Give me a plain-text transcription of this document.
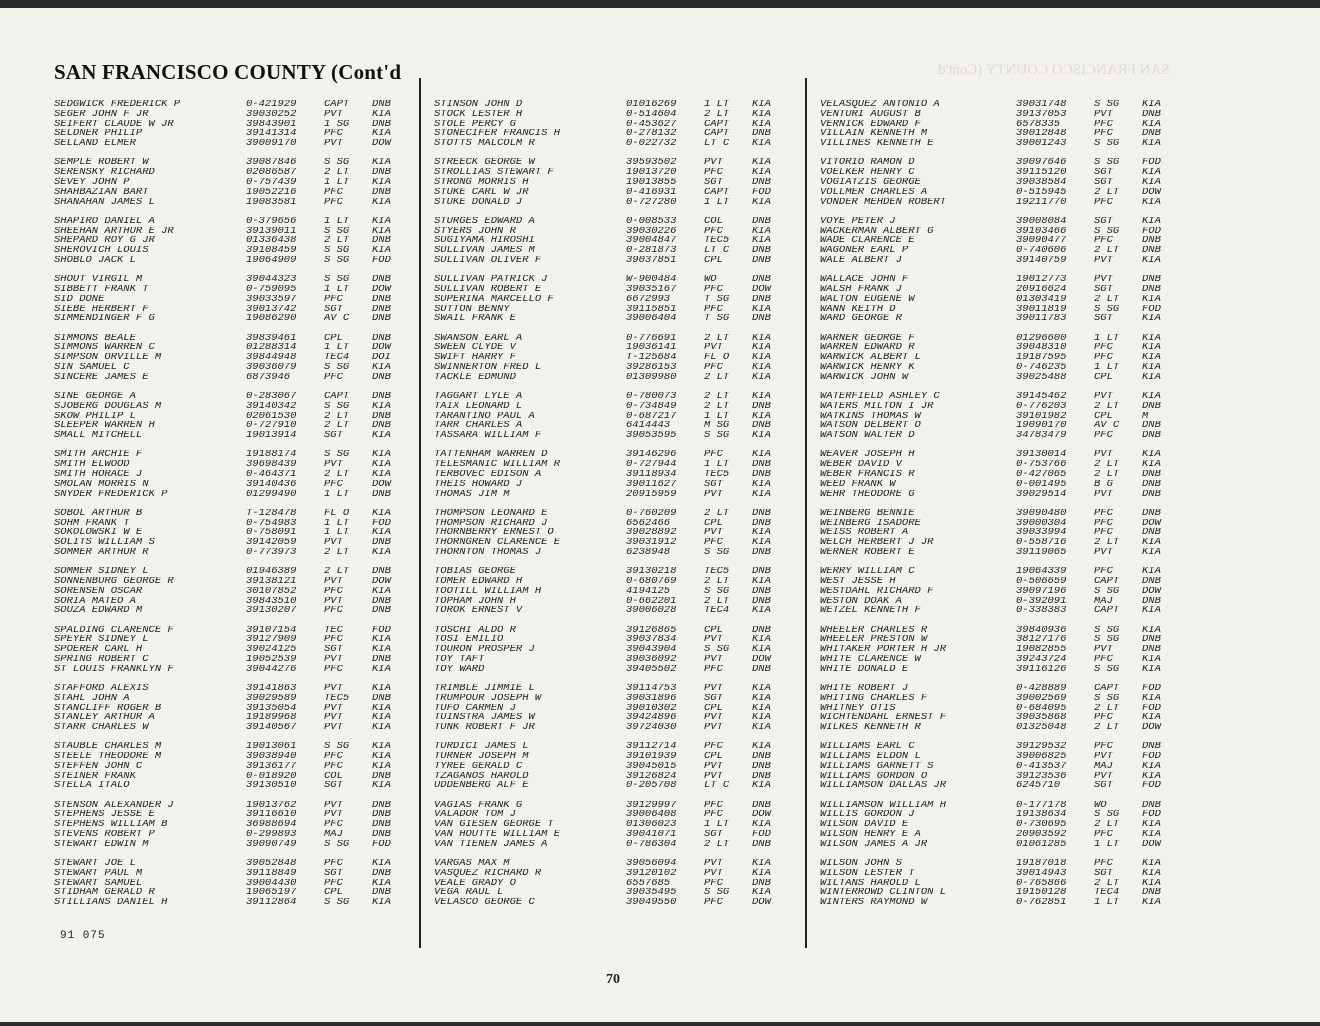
SAN FRANCISCO COUNTY (Cont'd	SAN FRANCISCO COUNTY (Cont'd
SEDGWICK FREDERICK P	0-421929	CAPT	DNB
SEGER JOHN F JR	39030252	PVT	KIA
SEIFERT CLAUDE W JR	39843901	1 SG	DNB
SELDNER PHILIP	39141314	PFC	KIA
SELLAND ELMER	39009170	PVT	DOW
SEMPLE ROBERT W	39087846	S SG	KIA
SERENSKY RICHARD	02086587	2 LT	DNB
SEVEY JOHN P	0-757439	1 LT	KIA
SHAHBAZIAN BART	19052216	PFC	DNB
SHANAHAN JAMES L	19083581	PFC	KIA
SHAPIRO DANIEL A	0-379656	1 LT	KIA
SHEEHAN ARTHUR E JR	39139011	S SG	KIA
SHEPARD ROY G JR	01336438	2 LT	DNB
SHEROVICH LOUIS	39108459	S SG	KIA
SHOBLO JACK L	19064909	S SG	FOD
SHOUT VIRGIL M	39044323	S SG	DNB
SIBBETT FRANK T	0-759095	1 LT	DOW
SID DONE	39033597	PFC	DNB
SIEBE HERBERT F	39013742	SGT	DNB
SIMMENDINGER F G	19086290	AV C	DNB
SIMMONS BEALE	39839461	CPL	DNB
SIMMONS WARREN C	01288314	1 LT	DOW
SIMPSON ORVILLE M	39844948	TEC4	DOI
SIN SAMUEL C	39036079	S SG	KIA
SINCERE JAMES E	6873946	PFC	DNB
SINE GEORGE A	0-283067	CAPT	DNB
SJOBERG DOUGLAS M	39140342	S SG	KIA
SKOW PHILIP L	02061530	2 LT	DNB
SLEEPER WARREN H	0-727910	2 LT	DNB
SMALL MITCHELL	19013914	SGT	KIA
SMITH ARCHIE F	19188174	S SG	KIA
SMITH ELWOOD	39698439	PVT	KIA
SMITH HORACE J	0-464371	2 LT	KIA
SMOLAN MORRIS N	39140436	PFC	DOW
SNYDER FREDERICK P	01299490	1 LT	DNB
SOBOL ARTHUR B	T-128478	FL O	KIA
SOHM FRANK T	0-754983	1 LT	FOD
SOKOLOWSKI W E	0-758091	1 LT	KIA
SOLITS WILLIAM S	39142059	PVT	DNB
SOMMER ARTHUR R	0-773973	2 LT	KIA
SOMMER SIDNEY L	01946389	2 LT	DNB
SONNENBURG GEORGE R	39138121	PVT	DOW
SORENSEN OSCAR	30107852	PFC	KIA
SORIA MATEO A	39843510	PVT	DNB
SOUZA EDWARD M	39130207	PFC	DNB
SPALDING CLARENCE F	39107154	TEC	FOD
SPEYER SIDNEY L	39127909	PFC	KIA
SPOERER CARL H	39024125	SGT	KIA
SPRING ROBERT C	19052539	PVT	DNB
ST LOUIS FRANKLYN F	39044276	PFC	KIA
STAFFORD ALEXIS	39141863	PVT	KIA
STAHL JOHN A	39029589	TEC5	DNB
STANCLIFF ROGER B	39135054	PVT	KIA
STANLEY ARTHUR A	19189968	PVT	KIA
STARR CHARLES W	39140567	PVT	KIA
STAUBLE CHARLES M	19013061	S SG	KIA
STEELE THEODORE M	39038940	PFC	KIA
STEFFEN JOHN C	39136177	PFC	KIA
STEINER FRANK	0-018920	COL	DNB
STELLA ITALO	39130510	SGT	KIA
STENSON ALEXANDER J	19013762	PVT	DNB
STEPHENS JESSE E	39116610	PVT	DNB
STEPHENS WILLIAM B	36988694	PFC	DNB
STEVENS ROBERT P	0-299893	MAJ	DNB
STEWART EDWIN M	39090749	S SG	FOD
STEWART JOE L	39052848	PFC	KIA
STEWART PAUL M	39118849	SGT	DNB
STEWART SAMUEL	39004430	PFC	KIA
STIDHAM GERALD R	19065197	CPL	DNB
STILLIANS DANIEL H	39112864	S SG	KIA
STINSON JOHN D	01016269	1 LT	KIA
STOCK LESTER H	0-514604	2 LT	KIA
STOLE PERCY G	0-453627	CAPT	KIA
STONECIFER FRANCIS H	0-278132	CAPT	DNB
STOTTS MALCOLM R	0-022732	LT C	KIA
STREECK GEORGE W	39593502	PVT	KIA
STROLLIAS STEWART F	19013720	PFC	KIA
STRONG MORRIS H	19013855	SGT	DNB
STUKE CARL W JR	0-416931	CAPT	FOD
STUKE DONALD J	0-727280	1 LT	KIA
STURGES EDWARD A	0-008533	COL	DNB
STYERS JOHN R	39030226	PFC	KIA
SUGIYAMA HIROSHI	39004847	TEC5	KIA
SULLIVAN JAMES M	0-281873	LT C	DNB
SULLIVAN OLIVER F	39037851	CPL	DNB
SULLIVAN PATRICK J	W-900484	WO	DNB
SULLIVAN ROBERT E	39035167	PFC	DOW
SUPERINA MARCELLO F	6672993	T SG	DNB
SUTTON BENNY	39115851	PFC	KIA
SWAIL FRANK E	39006404	T SG	DNB
SWANSON EARL A	0-776691	2 LT	KIA
SWEEN CLYDE V	19036141	PVT	KIA
SWIFT HARRY F	T-125684	FL O	KIA
SWINNERTON FRED L	39286153	PFC	KIA
TACKLE EDMUND	01309980	2 LT	KIA
TAGGART LYLE A	0-780073	2 LT	KIA
TAIX LEONARD L	0-734849	2 LT	DNB
TARANTINO PAUL A	0-687217	1 LT	KIA
TARR CHARLES A	6414443	M SG	DNB
TASSARA WILLIAM F	39053595	S SG	KIA
TATTENHAM WARREN D	39146296	PFC	KIA
TELESMANIC WILLIAM R	0-727944	1 LT	DNB
TERBOVEC EDISON A	39118934	TEC5	DNB
THEIS HOWARD J	39011627	SGT	KIA
THOMAS JIM M	20915959	PVT	KIA
THOMPSON LEONARD E	0-760209	2 LT	DNB
THOMPSON RICHARD J	6562466	CPL	DNB
THORNBERRY ERNEST O	39028892	PVT	KIA
THORNGREN CLARENCE E	39031912	PFC	KIA
THORNTON THOMAS J	6238948	S SG	DNB
TOBIAS GEORGE	39130218	TEC5	DNB
TOMER EDWARD H	0-680769	2 LT	KIA
TOOTILL WILLIAM H	4194125	S SG	DNB
TOPHAM JOHN H	0-662201	2 LT	DNB
TOROK ERNEST V	39006028	TEC4	KIA
TOSCHI ALDO R	39126865	CPL	DNB
TOSI EMILIO	39037834	PVT	KIA
TOURON PROSPER J	39043904	S SG	KIA
TOY TAFT	39036092	PVT	DOW
TOY WARD	39405502	PFC	DNB
TRIMBLE JIMMIE L	39114753	PVT	KIA
TRUMPOUR JOSEPH W	39031896	SGT	KIA
TUFO CARMEN J	39010302	CPL	KIA
TUINSTRA JAMES W	39424896	PVT	KIA
TUNK ROBERT F JR	39724030	PVT	KIA
TURDICI JAMES L	39112714	PFC	KIA
TURNER JOSEPH M	39101939	CPL	DNB
TYREE GERALD C	39045015	PVT	DNB
TZAGANOS HAROLD	39126824	PVT	DNB
UDDENBERG ALF E	0-205708	LT C	KIA
VAGIAS FRANK G	39129997	PFC	DNB
VALADOR TOM J	39006408	PFC	DOW
VAN GIESEN GEORGE T	01306023	1 LT	KIA
VAN HOUTTE WILLIAM E	39041071	SGT	FOD
VAN TIENEN JAMES A	0-786304	2 LT	DNB
VARGAS MAX M	39056094	PVT	KIA
VASQUEZ RICHARD R	39120102	PVT	KIA
VEALE GRADY O	6557685	PFC	DNB
VEGA RAUL L	39035495	S SG	KIA
VELASCO GEORGE C	39049550	PFC	DOW
VELASQUEZ ANTONIO A	39031748	S SG	KIA
VENTURI AUGUST B	39137053	PVT	DNB
VERNICK EDWARD F	6578335	PFC	KIA
VILLAIN KENNETH M	39012848	PFC	DNB
VILLINES KENNETH E	39001243	S SG	KIA
VITORIO RAMON D	39097646	S SG	FOD
VOELKER HENRY C	39115120	SGT	KIA
VOGIATZIS GEORGE	39038584	SGT	KIA
VOLLMER CHARLES A	0-515945	2 LT	DOW
VONDER MEHDEN ROBERT	19211770	PFC	KIA
VOYE PETER J	39008084	SGT	KIA
WACKERMAN ALBERT G	39103466	S SG	FOD
WADE CLARENCE E	39090477	PFC	DNB
WAGONER EARL P	0-740606	2 LT	DNB
WALE ALBERT J	39140759	PVT	KIA
WALLACE JOHN F	19012773	PVT	DNB
WALSH FRANK J	20916624	SGT	DNB
WALTON EUGENE W	01303419	2 LT	KIA
WANN KEITH D	39011819	S SG	FOD
WARD GEORGE R	39011783	SGT	KIA
WARNER GEORGE F	01296600	1 LT	KIA
WARREN EDWARD R	39048310	PFC	KIA
WARWICK ALBERT L	19187595	PFC	KIA
WARWICK HENRY K	0-746235	1 LT	KIA
WARWICK JOHN W	39025488	CPL	KIA
WATERFIELD ASHLEY C	39145462	PVT	KIA
WATERS MILTON I JR	0-776203	2 LT	DNB
WATKINS THOMAS W	39101982	CPL	M
WATSON DELBERT O	19090170	AV C	DNB
WATSON WALTER D	34783479	PFC	DNB
WEAVER JOSEPH H	39130014	PVT	KIA
WEBER DAVID V	0-753766	2 LT	KIA
WEBER FRANCIS R	0-427065	2 LT	DNB
WEED FRANK W	0-001495	B G	DNB
WEHR THEODORE G	39029514	PVT	DNB
WEINBERG BENNIE	39090480	PFC	DNB
WEINBERG ISADORE	39000304	PFC	DOW
WEISS ROBERT A	39033994	PFC	DNB
WELCH HERBERT J JR	0-558716	2 LT	KIA
WERNER ROBERT E	39119065	PVT	KIA
WERRY WILLIAM C	19064339	PFC	KIA
WEST JESSE H	0-506659	CAPT	DNB
WESTDAHL RICHARD F	39097196	S SG	DOW
WESTON DOAK A	0-392091	MAJ	DNB
WETZEL KENNETH F	0-338383	CAPT	KIA
WHEELER CHARLES R	39840936	S SG	KIA
WHEELER PRESTON W	38127176	S SG	DNB
WHITAKER PORTER H JR	19082855	PVT	DNB
WHITE CLARENCE W	39243724	PFC	KIA
WHITE DONALD E	39116126	S SG	KIA
WHITE ROBERT J	0-428889	CAPT	FOD
WHITING CHARLES F	39002569	S SG	KIA
WHITNEY OTIS	0-684095	2 LT	FOD
WICHTENDAHL ERNEST F	39035868	PFC	KIA
WILKES KENNETH R	01325048	2 LT	DOW
WILLIAMS EARL C	39129532	PFC	DNB
WILLIAMS ELDON L	39006825	PVT	FOD
WILLIAMS GARNETT S	0-413537	MAJ	KIA
WILLIAMS GORDON O	39123536	PVT	KIA
WILLIAMSON DALLAS JR	6245710	SGT	FOD
WILLIAMSON WILLIAM H	0-177178	WO	DNB
WILLIS GORDON J	19138634	S SG	FOD
WILSON DAVID E	0-730695	2 LT	KIA
WILSON HENRY E A	20903592	PFC	KIA
WILSON JAMES A JR	01061285	1 LT	DOW
WILSON JOHN S	19187018	PFC	KIA
WILSON LESTER T	39014943	SGT	KIA
WILTANS HAROLD L	0-765866	2 LT	KIA
WINTERROWD CLINTON L	19150128	TEC4	DNB
WINTERS RAYMOND W	0-762851	1 LT	KIA
91 075
70
